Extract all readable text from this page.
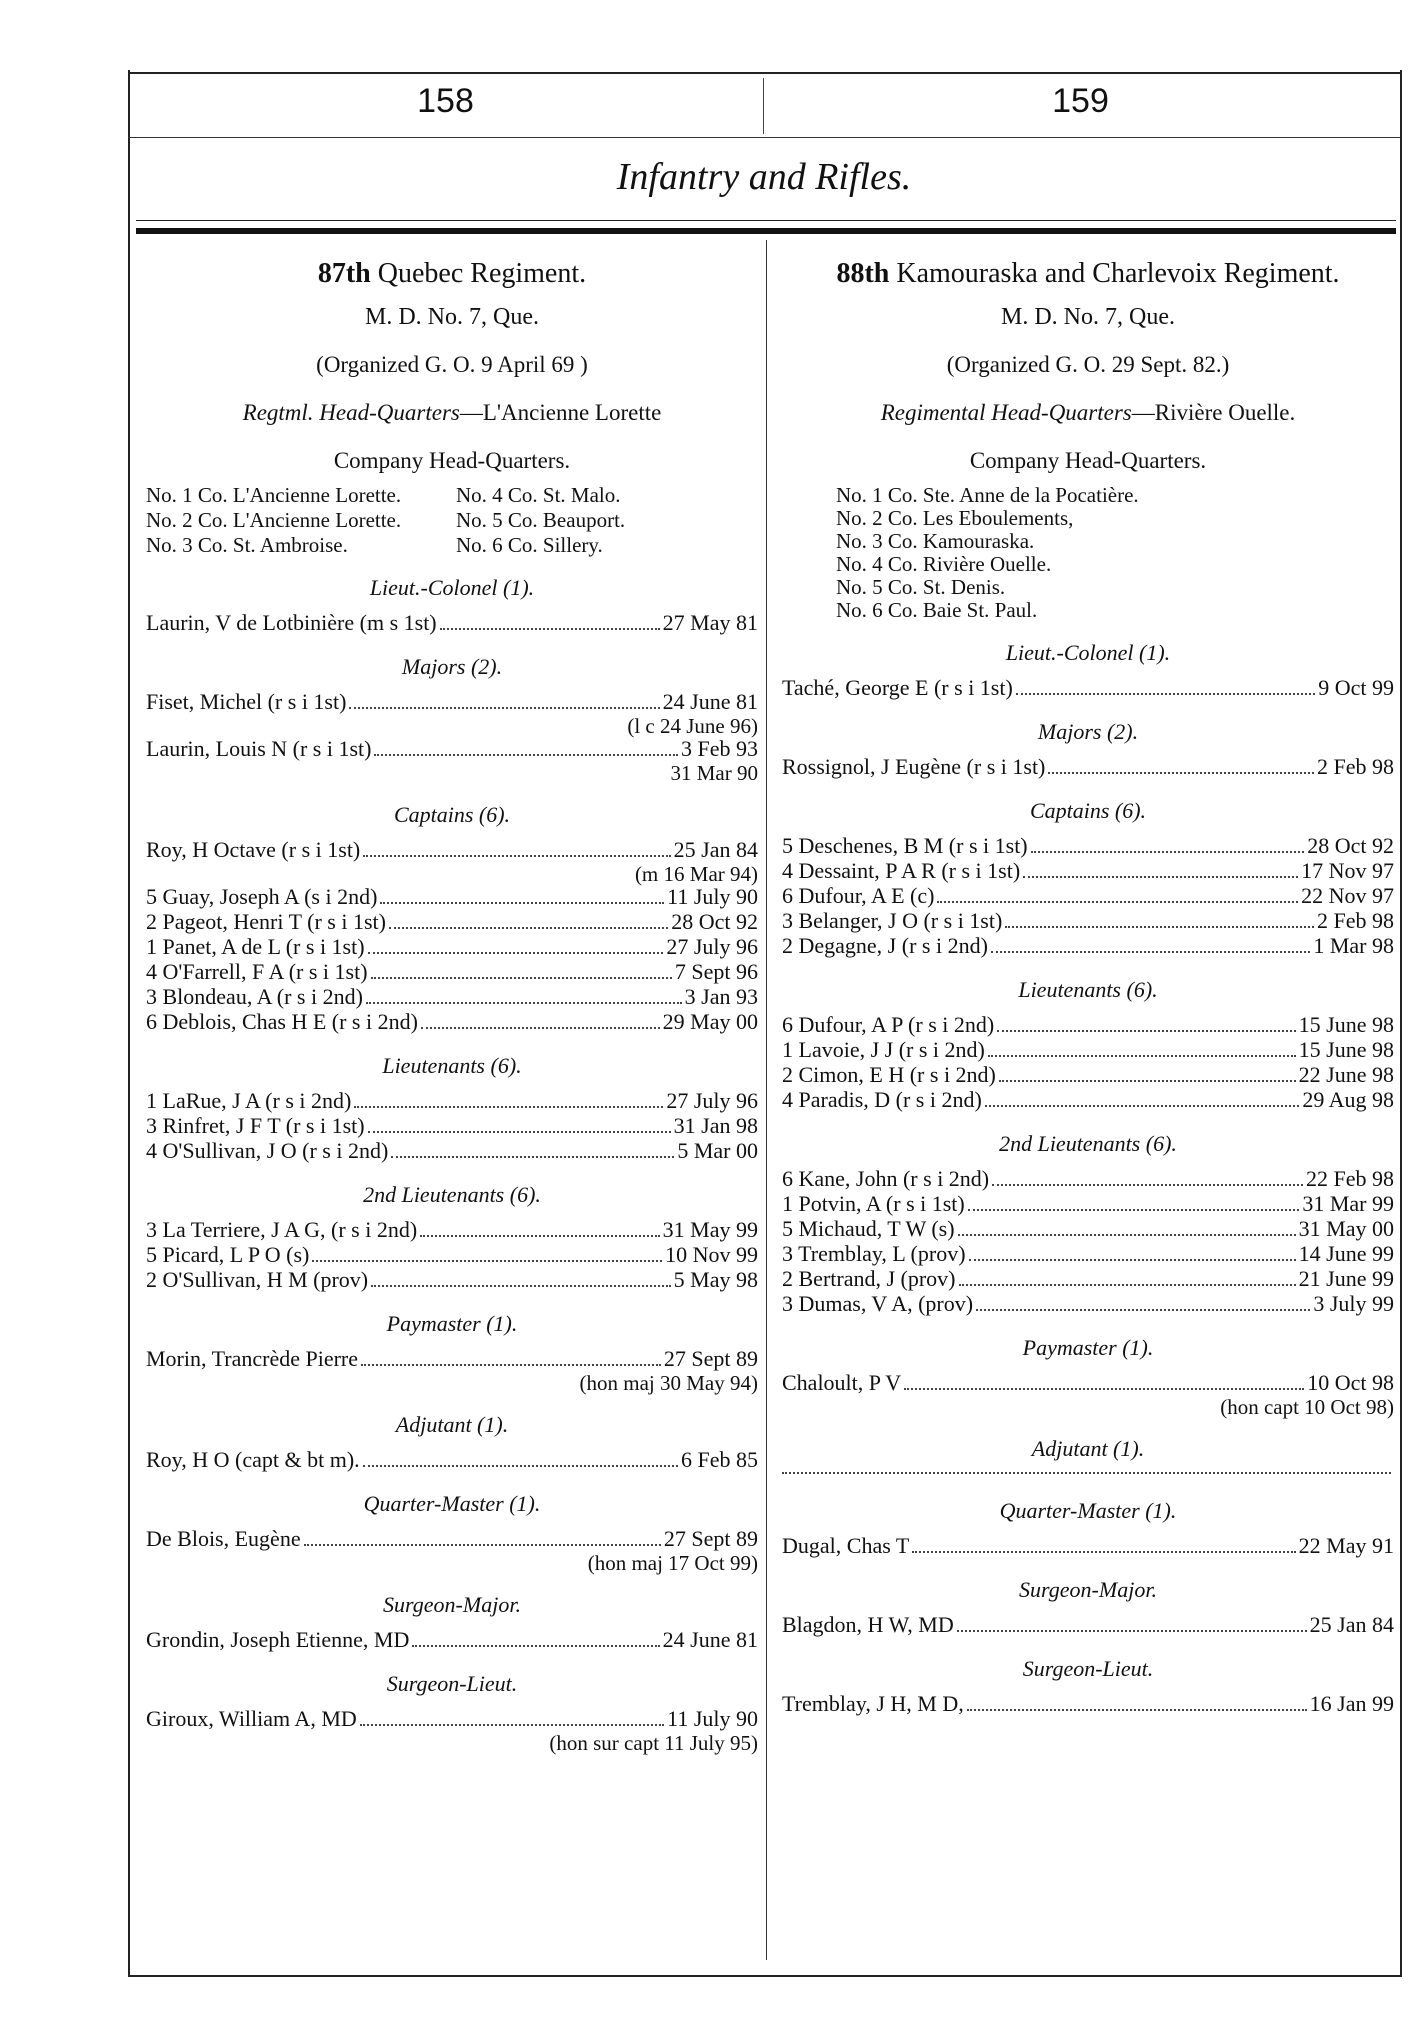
158	159
Infantry and Rifles.
87th Quebec Regiment.
M. D. No. 7, Que.
(Organized G. O. 9 April 69 )
Regtml. Head-Quarters—L'Ancienne Lorette
Company Head-Quarters.
No. 1 Co. L'Ancienne Lorette.	No. 4 Co. St. Malo.
No. 2 Co. L'Ancienne Lorette.	No. 5 Co. Beauport.
No. 3 Co. St. Ambroise.	No. 6 Co. Sillery.
Lieut.-Colonel (1).
Laurin, V de Lotbinière (m s 1st)	27 May 81
Majors (2).
Fiset, Michel (r s i 1st)	24 June 81
(l c 24 June 96)
Laurin, Louis N (r s i 1st)	3 Feb 93
31 Mar 90
Captains (6).
Roy, H Octave (r s i 1st)	25 Jan 84
(m 16 Mar 94)
5 Guay, Joseph A (s i 2nd)	11 July 90
2 Pageot, Henri T (r s i 1st)	28 Oct 92
1 Panet, A de L (r s i 1st)	27 July 96
4 O'Farrell, F A (r s i 1st)	7 Sept 96
3 Blondeau, A (r s i 2nd)	3 Jan 93
6 Deblois, Chas H E (r s i 2nd)	29 May 00
Lieutenants (6).
1 LaRue, J A (r s i 2nd)	27 July 96
3 Rinfret, J F T (r s i 1st)	31 Jan 98
4 O'Sullivan, J O (r s i 2nd)	5 Mar 00
2nd Lieutenants (6).
3 La Terriere, J A G, (r s i 2nd)	31 May 99
5 Picard, L P O (s)	10 Nov 99
2 O'Sullivan, H M (prov)	5 May 98
Paymaster (1).
Morin, Trancrède Pierre	27 Sept 89
(hon maj 30 May 94)
Adjutant (1).
Roy, H O (capt & bt m).	6 Feb 85
Quarter-Master (1).
De Blois, Eugène	27 Sept 89
(hon maj 17 Oct 99)
Surgeon-Major.
Grondin, Joseph Etienne, MD	24 June 81
Surgeon-Lieut.
Giroux, William A, MD	11 July 90
(hon sur capt 11 July 95)
88th Kamouraska and Charlevoix Regiment.
M. D. No. 7, Que.
(Organized G. O. 29 Sept. 82.)
Regimental Head-Quarters—Rivière Ouelle.
Company Head-Quarters.
No. 1 Co. Ste. Anne de la Pocatière.
No. 2 Co. Les Eboulements,
No. 3 Co. Kamouraska.
No. 4 Co. Rivière Ouelle.
No. 5 Co. St. Denis.
No. 6 Co. Baie St. Paul.
Lieut.-Colonel (1).
Taché, George E (r s i 1st)	9 Oct 99
Majors (2).
Rossignol, J Eugène (r s i 1st)	2 Feb 98
Captains (6).
5 Deschenes, B M (r s i 1st)	28 Oct 92
4 Dessaint, P A R (r s i 1st)	17 Nov 97
6 Dufour, A E (c)	22 Nov 97
3 Belanger, J O (r s i 1st)	2 Feb 98
2 Degagne, J (r s i 2nd)	1 Mar 98
Lieutenants (6).
6 Dufour, A P (r s i 2nd)	15 June 98
1 Lavoie, J J (r s i 2nd)	15 June 98
2 Cimon, E H (r s i 2nd)	22 June 98
4 Paradis, D (r s i 2nd)	29 Aug 98
2nd Lieutenants (6).
6 Kane, John (r s i 2nd)	22 Feb 98
1 Potvin, A (r s i 1st)	31 Mar 99
5 Michaud, T W (s)	31 May 00
3 Tremblay, L (prov)	14 June 99
2 Bertrand, J (prov)	21 June 99
3 Dumas, V A, (prov)	3 July 99
Paymaster (1).
Chaloult, P V	10 Oct 98
(hon capt 10 Oct 98)
Adjutant (1).
Quarter-Master (1).
Dugal, Chas T	22 May 91
Surgeon-Major.
Blagdon, H W, MD	25 Jan 84
Surgeon-Lieut.
Tremblay, J H, M D,	16 Jan 99
